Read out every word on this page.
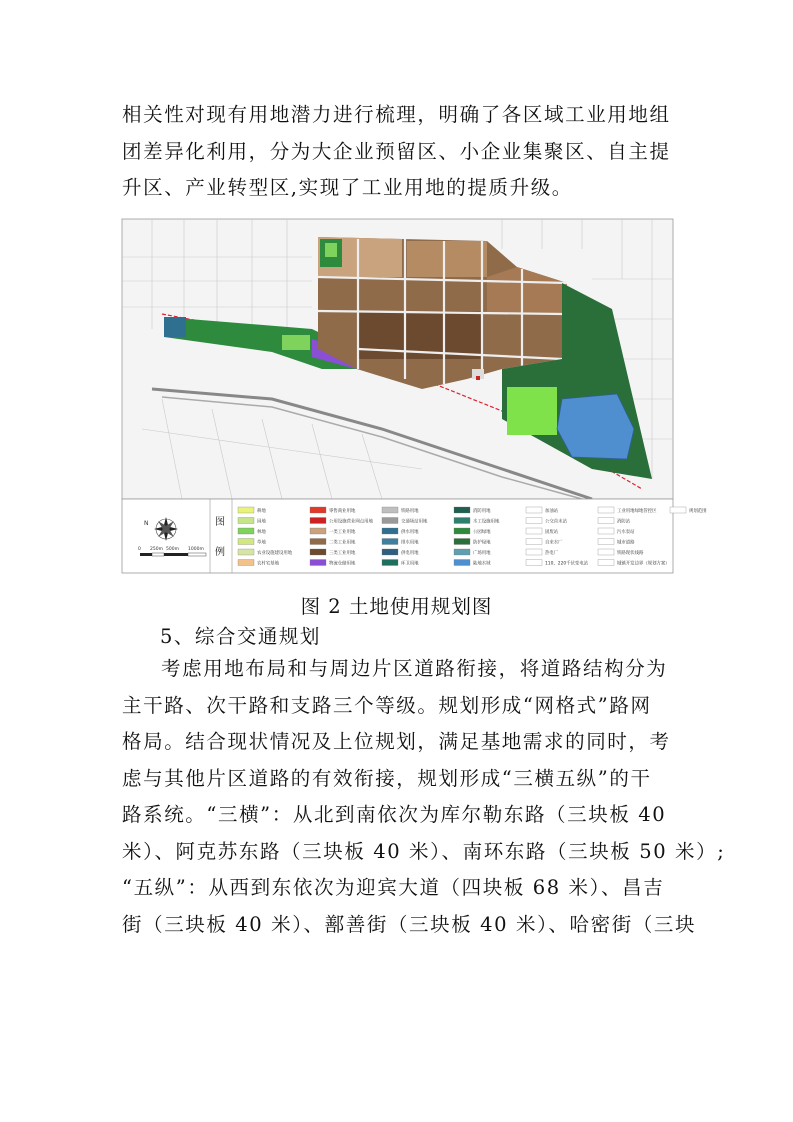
相关性对现有用地潜力进行梳理，明确了各区域工业用地组
团差异化利用，分为大企业预留区、小企业集聚区、自主提
升区、产业转型区,实现了工业用地的提质升级。
图
例
N
0 250m 500m 1000m
耕地
园地
林地
草地
农业设施建设用地
农村宅基地
零售商业用地
公用设施营业网点用地
一类工业用地
二类工业用地
三类工业用地
物流仓储用地
铁路用地
交通场站用地
供水用地
排水用地
供电用地
环卫用地
消防用地
水工设施用地
公园绿地
防护绿地
广场用地
陆地水域
加油站
公交首末站
固废站
自来水厂
热电厂
110、220千伏变电站
工业用地绿地管控区
消防站
污水泵站
城市道路
铁路现状线路
城镇开发边界（规划方案）
规划范围
图 2 土地使用规划图
5、综合交通规划
考虑用地布局和与周边片区道路衔接，将道路结构分为
主干路、次干路和支路三个等级。规划形成“网格式”路网
格局。结合现状情况及上位规划，满足基地需求的同时，考
虑与其他片区道路的有效衔接，规划形成“三横五纵”的干
路系统。“三横”：从北到南依次为库尔勒东路（三块板 40
米）、阿克苏东路（三块板 40 米）、南环东路（三块板 50 米）;
“五纵”：从西到东依次为迎宾大道（四块板 68 米）、昌吉
街（三块板 40 米）、鄯善街（三块板 40 米）、哈密街（三块
